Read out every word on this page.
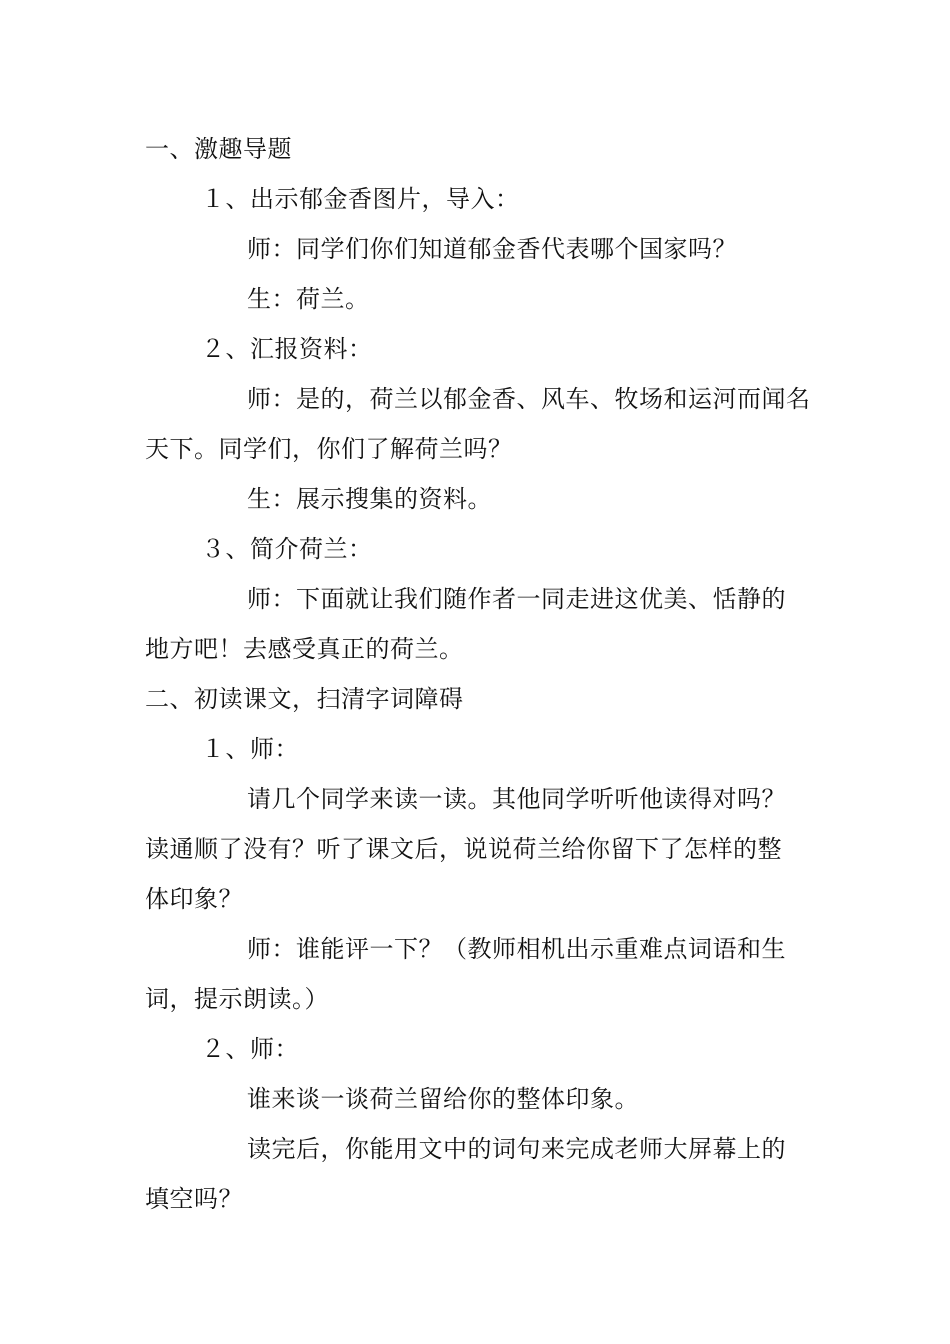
一、激趣导题
１、出示郁金香图片，导入：
师：同学们你们知道郁金香代表哪个国家吗？
生：荷兰。
２、汇报资料：
师：是的，荷兰以郁金香、风车、牧场和运河而闻名
天下。同学们，你们了解荷兰吗？
生：展示搜集的资料。
３、简介荷兰：
师：下面就让我们随作者一同走进这优美、恬静的
地方吧！去感受真正的荷兰。
二、初读课文，扫清字词障碍
１、师：
请几个同学来读一读。其他同学听听他读得对吗？
读通顺了没有？听了课文后，说说荷兰给你留下了怎样的整
体印象？
师：谁能评一下？（教师相机出示重难点词语和生
词，提示朗读。）
２、师：
谁来谈一谈荷兰留给你的整体印象。
读完后，你能用文中的词句来完成老师大屏幕上的
填空吗？
